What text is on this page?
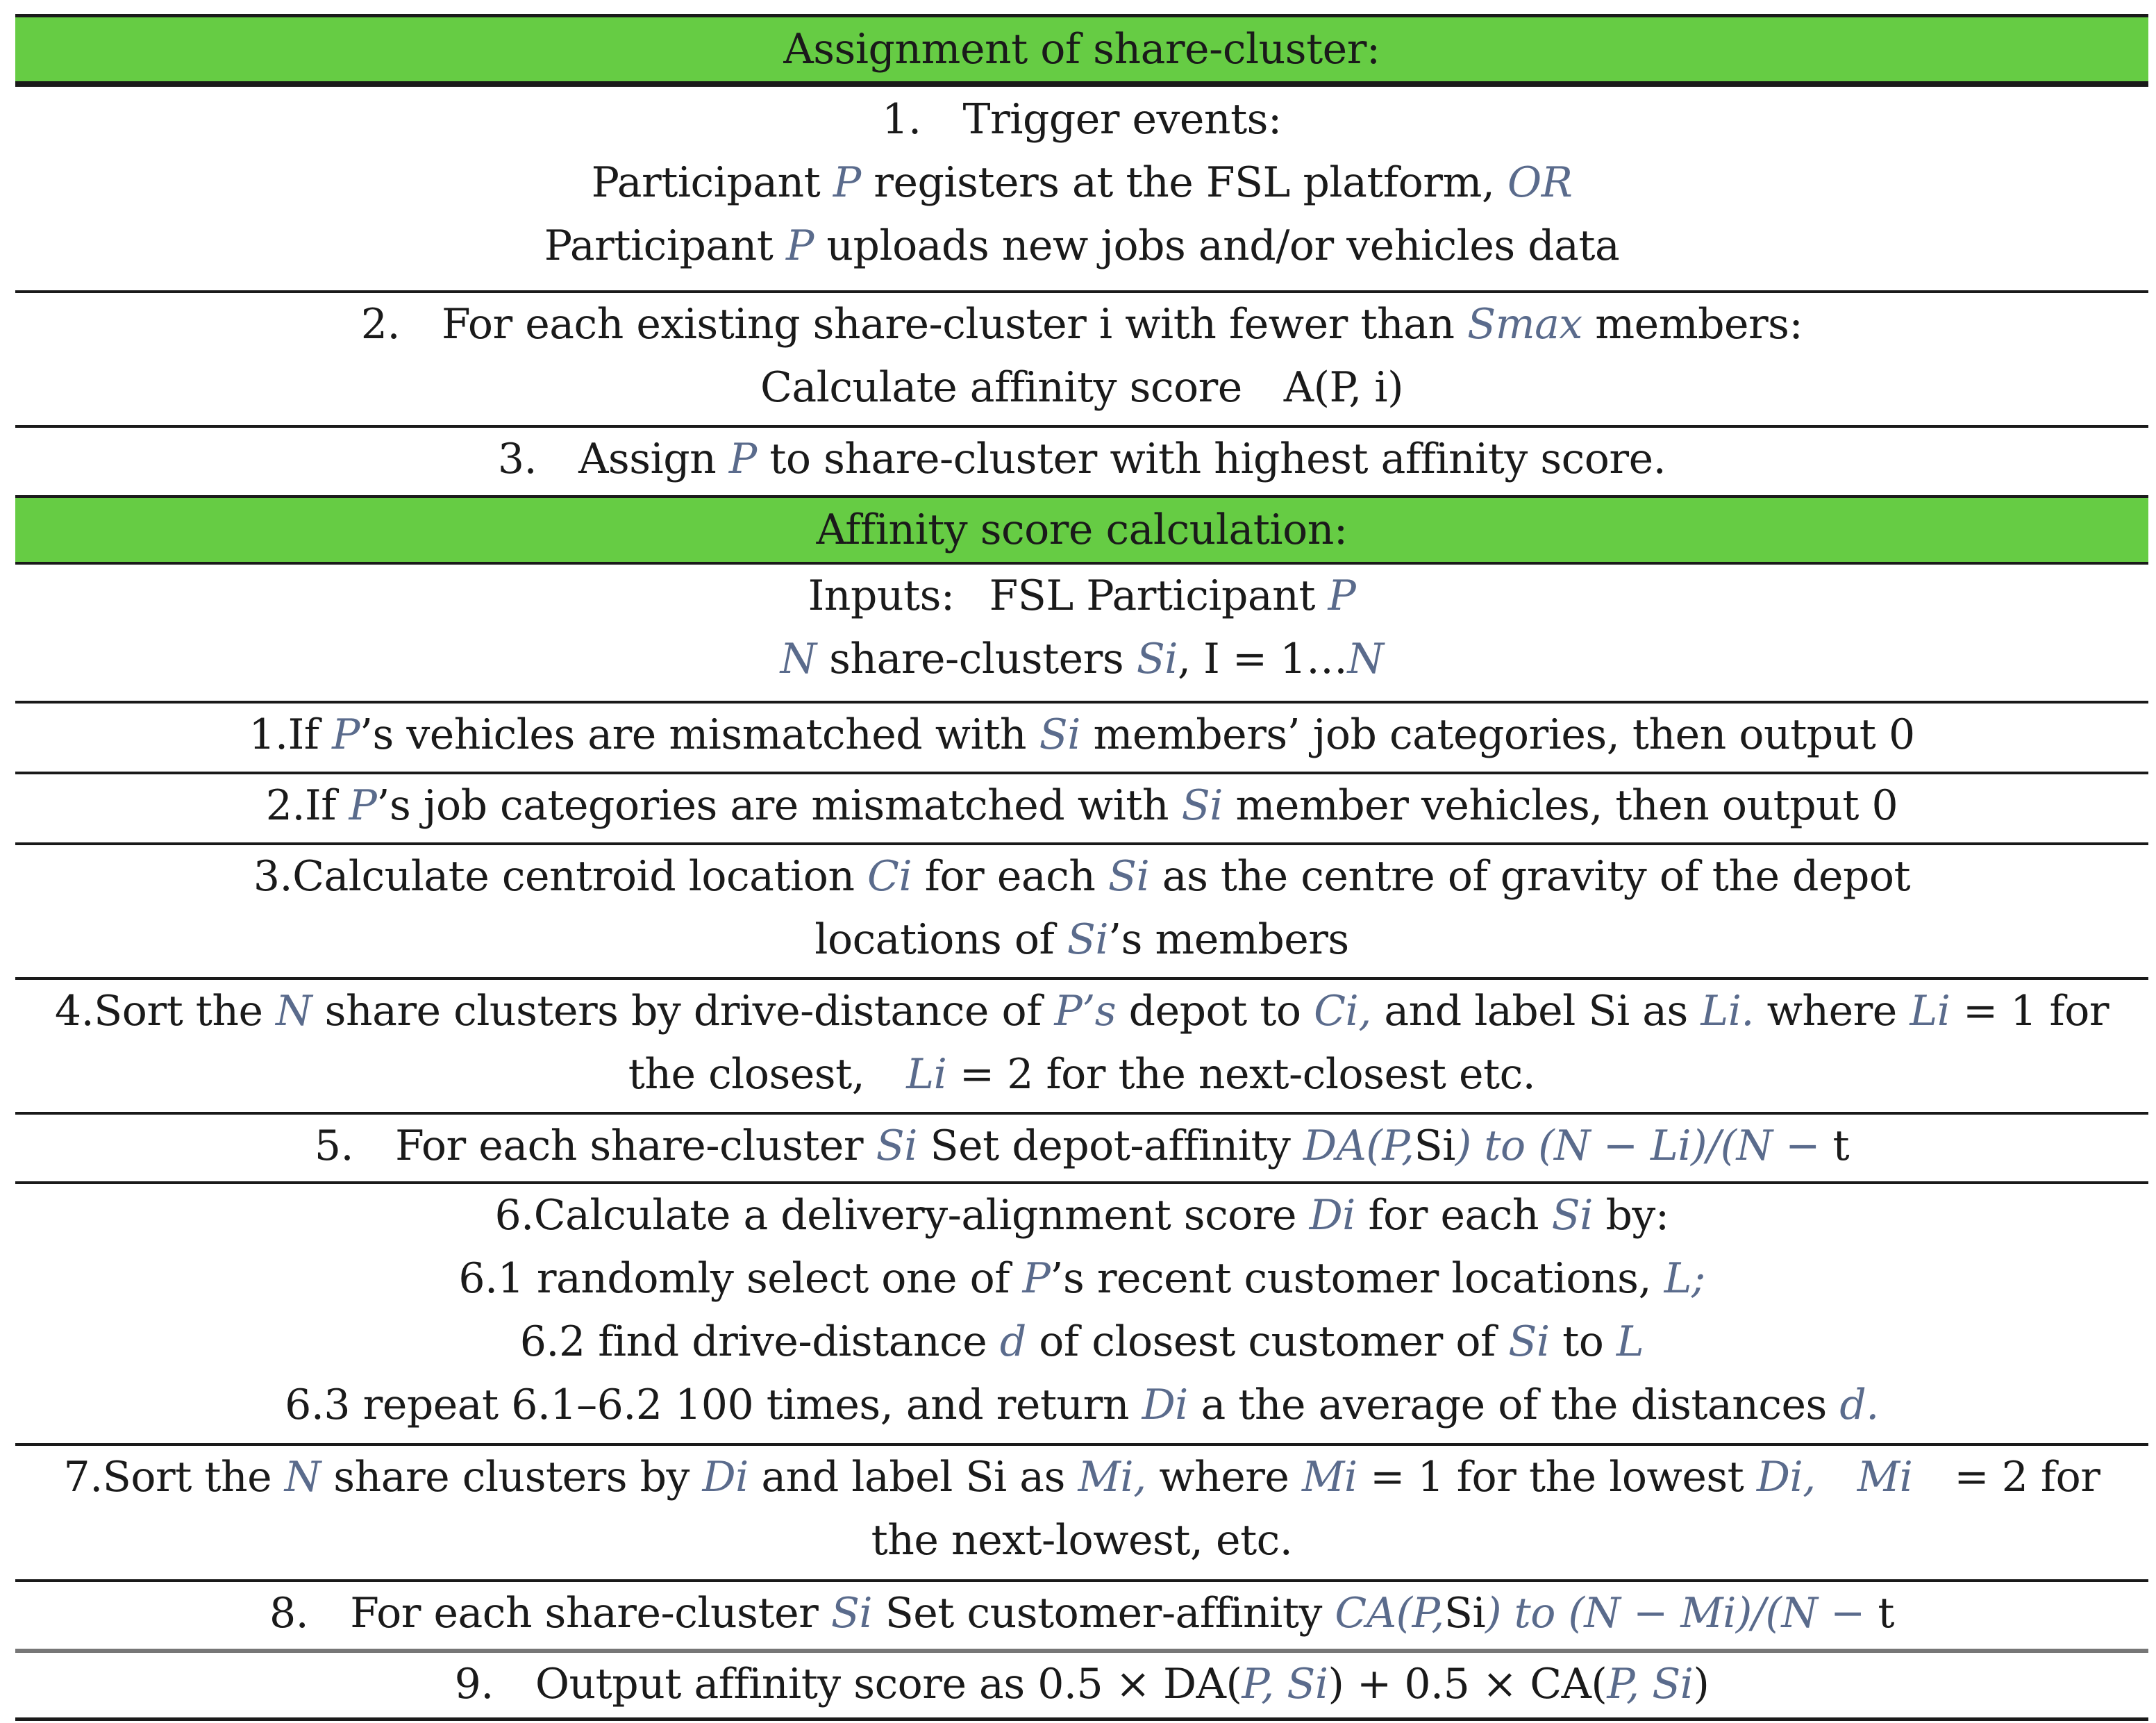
Assignment of share-cluster:
1. Trigger events:
Participant P registers at the FSL platform, OR
Participant P uploads new jobs and/or vehicles data
2. For each existing share-cluster i with fewer than Smax members:
Calculate affinity score A(P, i)
3. Assign P to share-cluster with highest affinity score.
Affinity score calculation:
Inputs: FSL Participant P
N share-clusters Si, I = 1…N
1.If P’s vehicles are mismatched with Si members’ job categories, then output 0
2.If P’s job categories are mismatched with Si member vehicles, then output 0
3.Calculate centroid location Ci for each Si as the centre of gravity of the depot
locations of Si’s members
4.Sort the N share clusters by drive-distance of P’s depot to Ci, and label Si as Li. where Li = 1 for
the closest, Li = 2 for the next-closest etc.
5. For each share-cluster Si Set depot-affinity DA(P,Si) to (N − Li)/(N − t
6.Calculate a delivery-alignment score Di for each Si by:
6.1 randomly select one of P’s recent customer locations, L;
6.2 find drive-distance d of closest customer of Si to L
6.3 repeat 6.1–6.2 100 times, and return Di a the average of the distances d.
7.Sort the N share clusters by Di and label Si as Mi, where Mi = 1 for the lowest Di, Mi = 2 for
the next-lowest, etc.
8. For each share-cluster Si Set customer-affinity CA(P,Si) to (N − Mi)/(N − t
9. Output affinity score as 0.5 × DA(P, Si) + 0.5 × CA(P, Si)
